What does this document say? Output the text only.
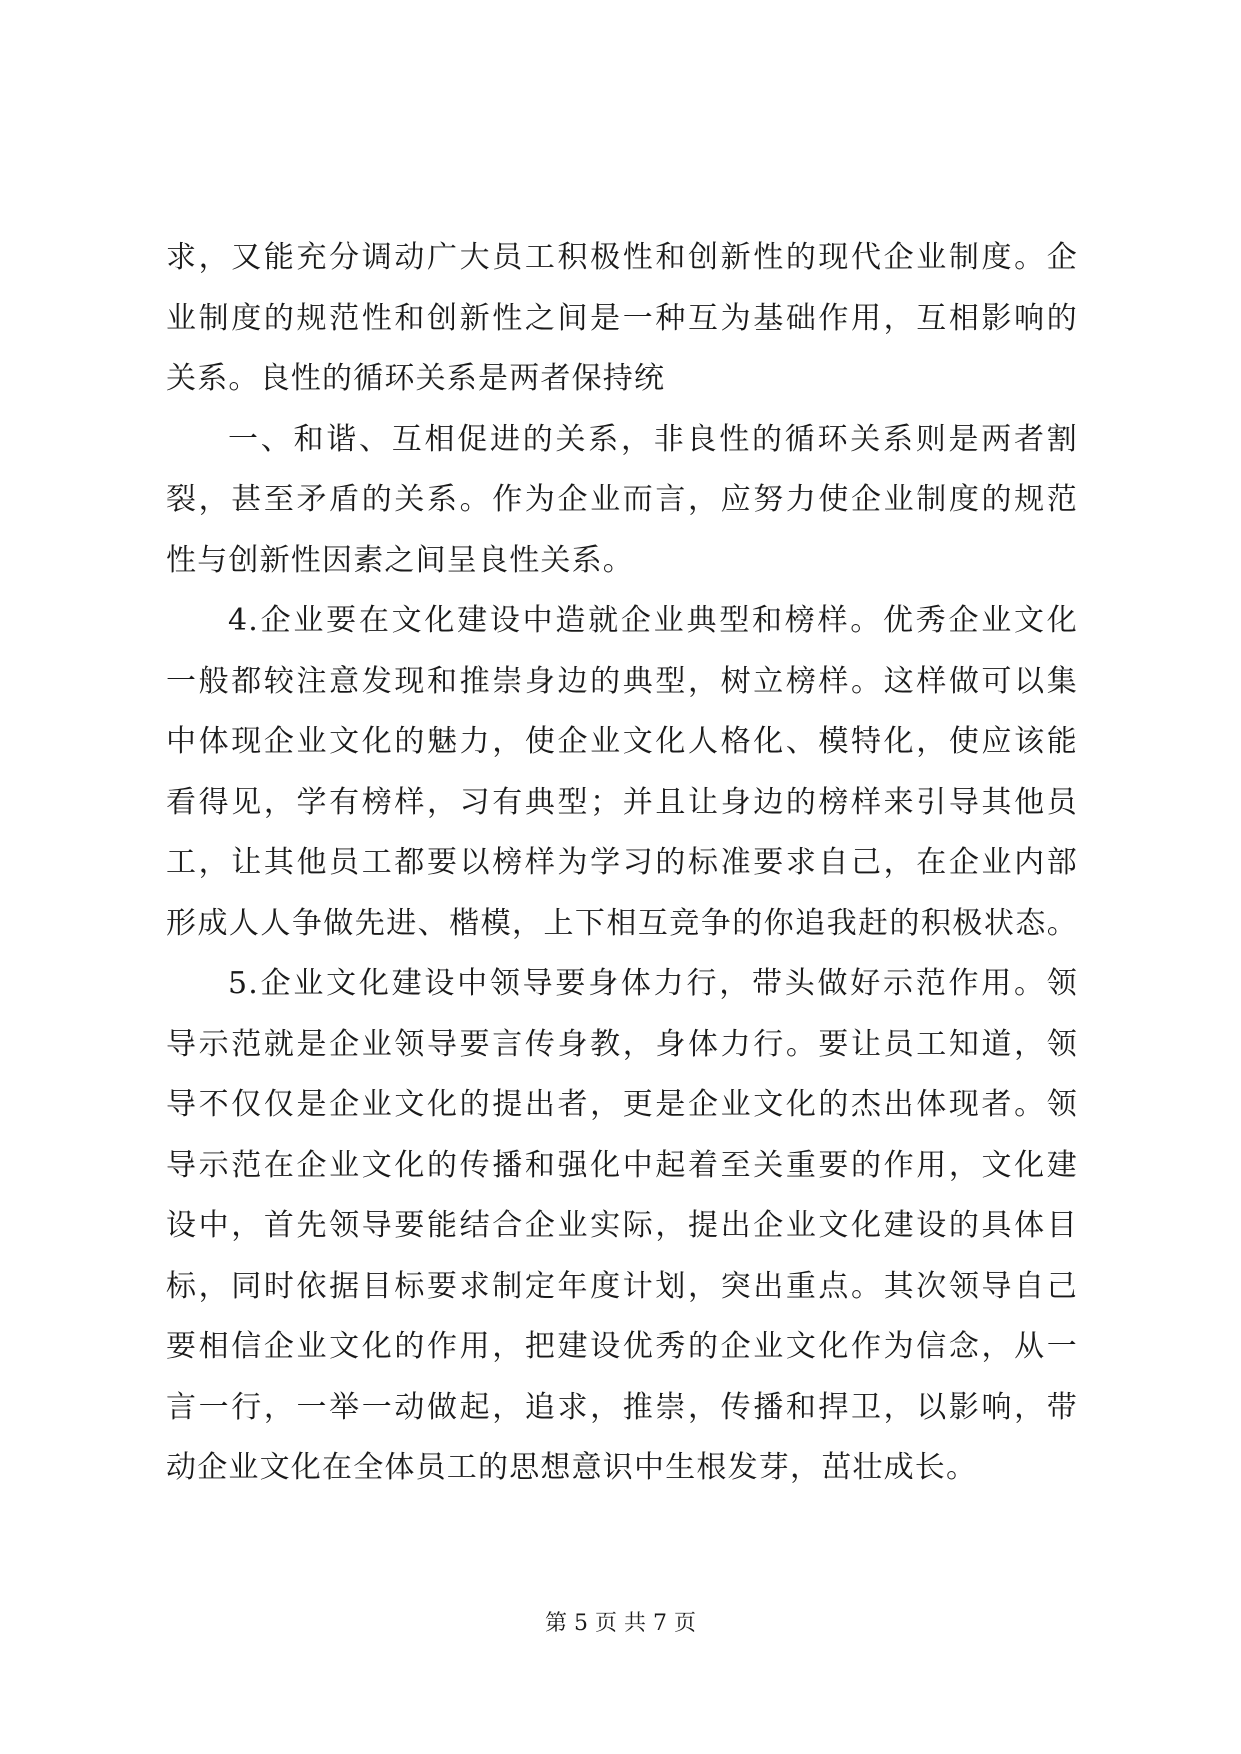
求，又能充分调动广大员工积极性和创新性的现代企业制度。企
业制度的规范性和创新性之间是一种互为基础作用，互相影响的
关系。良性的循环关系是两者保持统
一、和谐、互相促进的关系，非良性的循环关系则是两者割
裂，甚至矛盾的关系。作为企业而言，应努力使企业制度的规范
性与创新性因素之间呈良性关系。
4.企业要在文化建设中造就企业典型和榜样。优秀企业文化
一般都较注意发现和推崇身边的典型，树立榜样。这样做可以集
中体现企业文化的魅力，使企业文化人格化、模特化，使应该能
看得见，学有榜样，习有典型；并且让身边的榜样来引导其他员
工，让其他员工都要以榜样为学习的标准要求自己，在企业内部
形成人人争做先进、楷模，上下相互竞争的你追我赶的积极状态。
5.企业文化建设中领导要身体力行，带头做好示范作用。领
导示范就是企业领导要言传身教，身体力行。要让员工知道，领
导不仅仅是企业文化的提出者，更是企业文化的杰出体现者。领
导示范在企业文化的传播和强化中起着至关重要的作用，文化建
设中，首先领导要能结合企业实际，提出企业文化建设的具体目
标，同时依据目标要求制定年度计划，突出重点。其次领导自己
要相信企业文化的作用，把建设优秀的企业文化作为信念，从一
言一行，一举一动做起，追求，推崇，传播和捍卫，以影响，带
动企业文化在全体员工的思想意识中生根发芽，茁壮成长。
第 5 页 共 7 页
